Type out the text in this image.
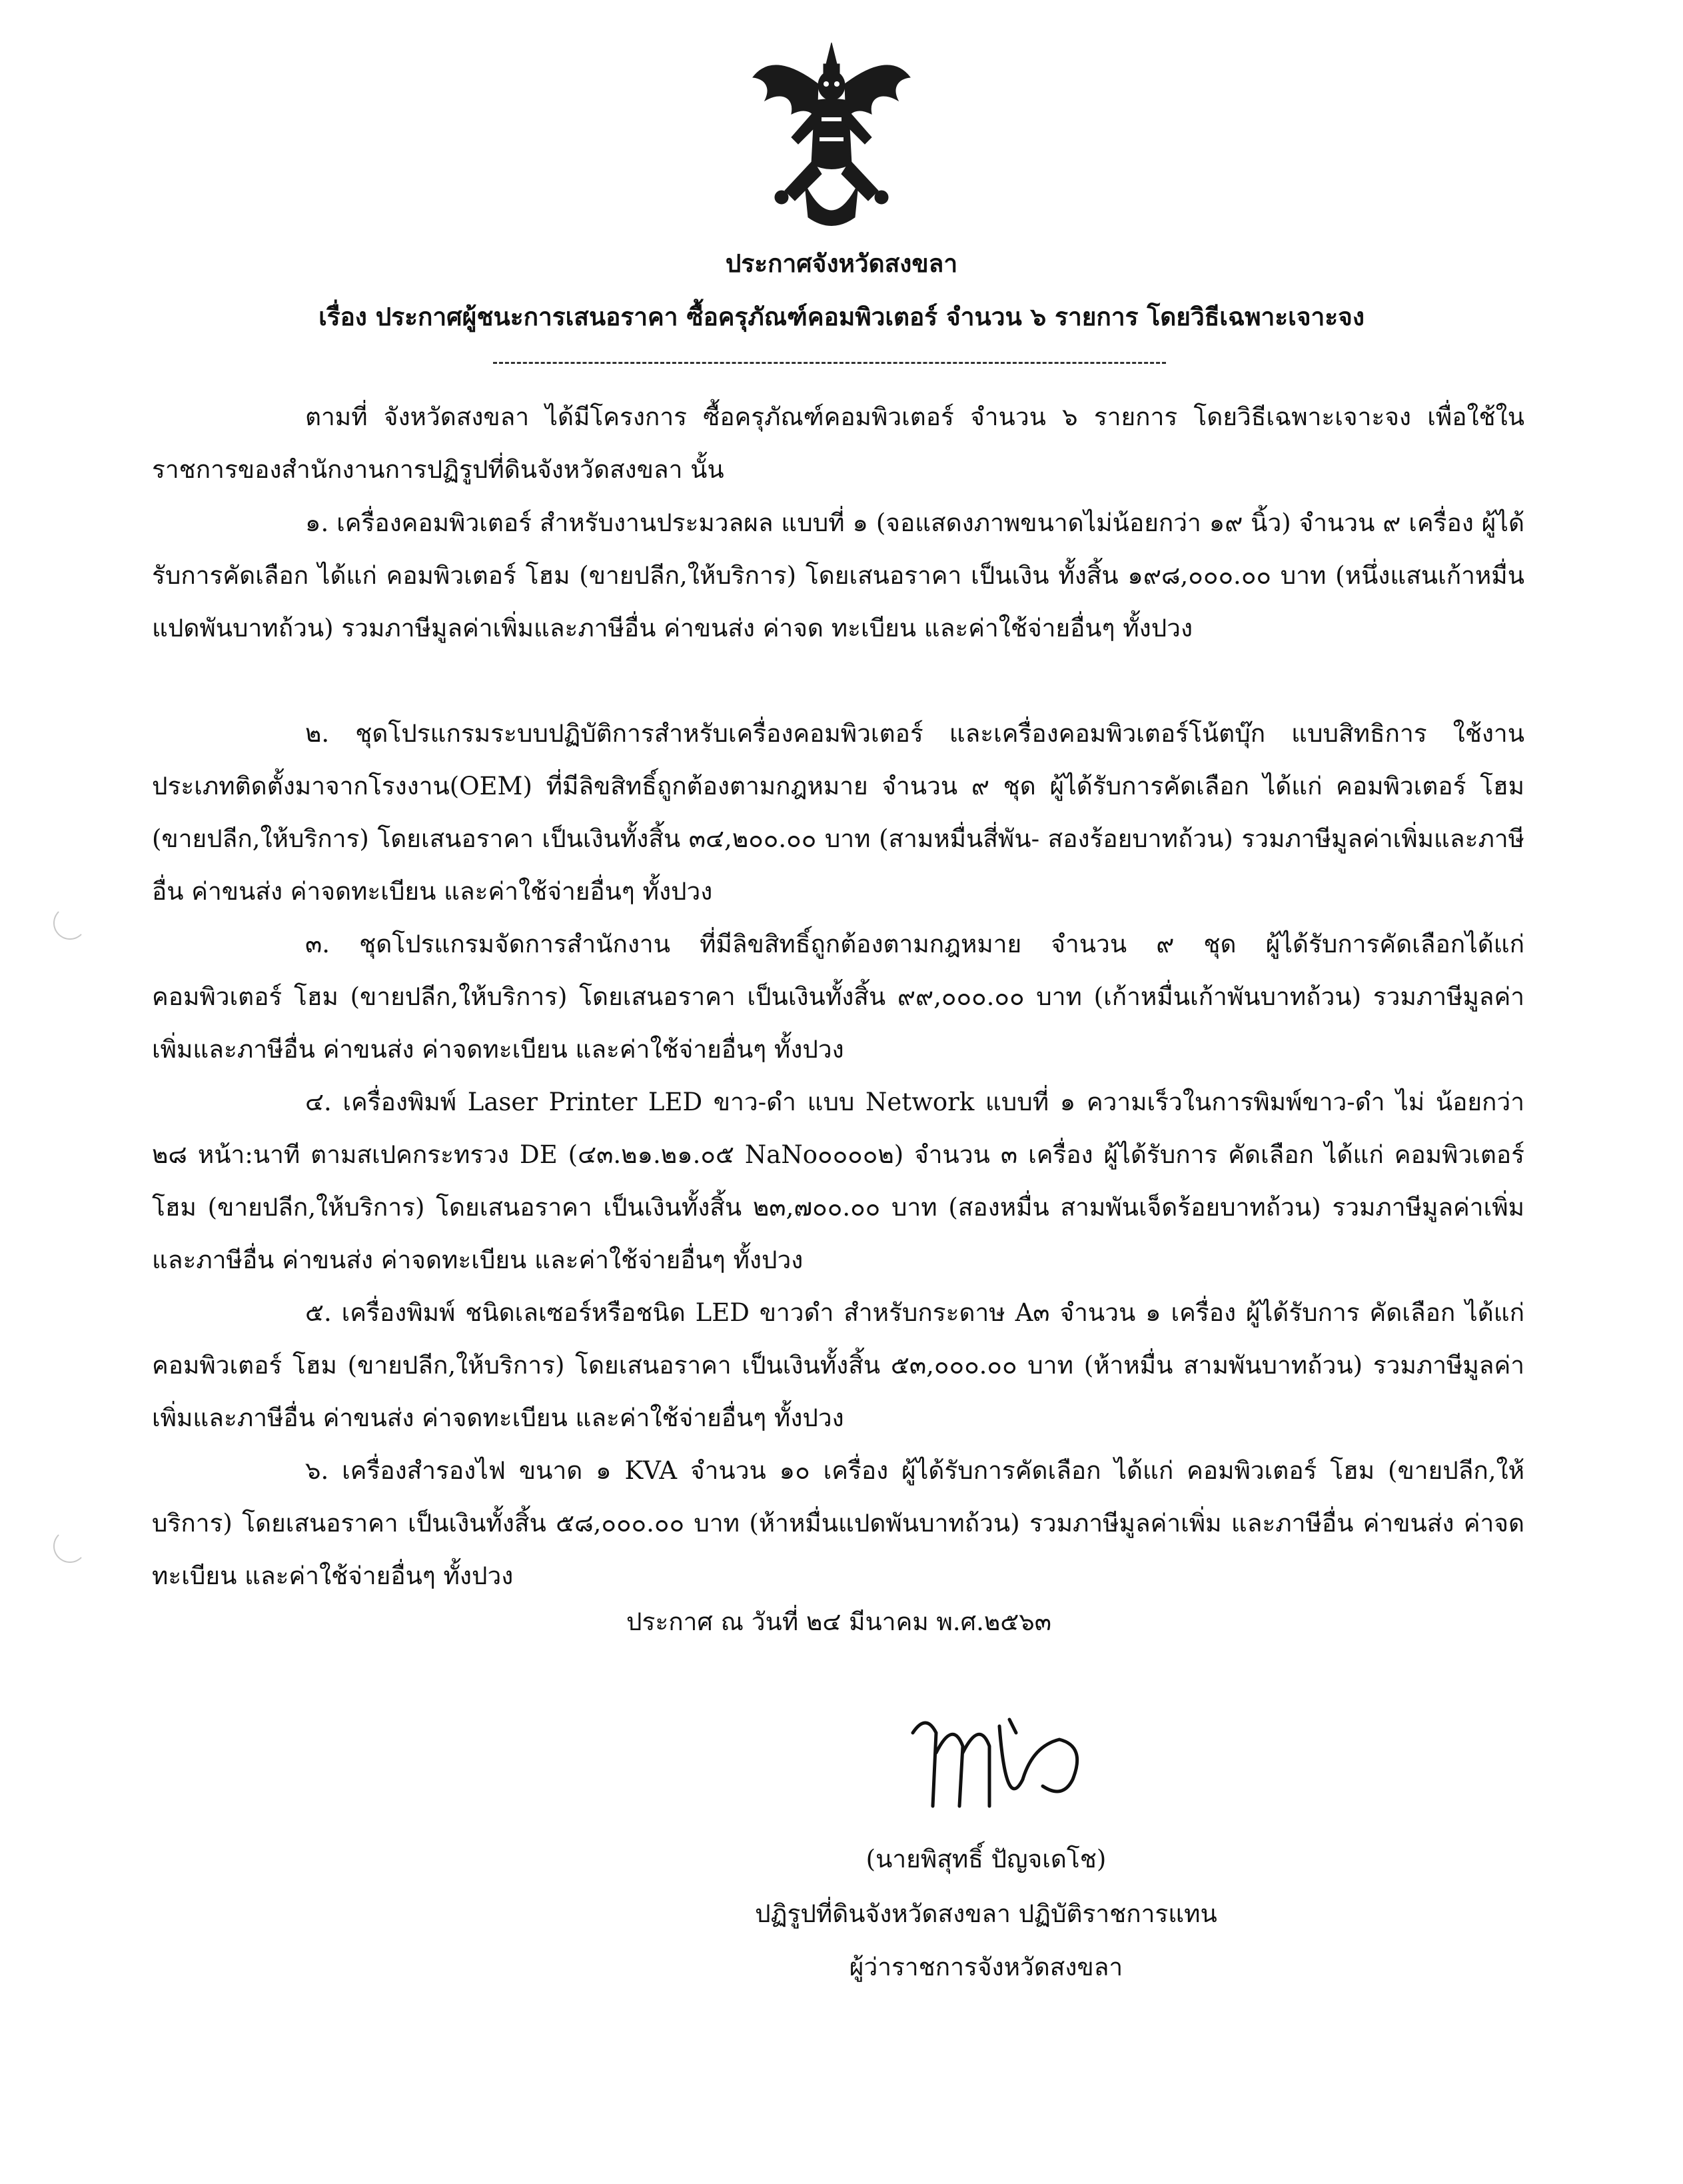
ประกาศจังหวัดสงขลา
เรื่อง ประกาศผู้ชนะการเสนอราคา ซื้อครุภัณฑ์คอมพิวเตอร์ จำนวน ๖ รายการ โดยวิธีเฉพาะเจาะจง

ตามที่ จังหวัดสงขลา ได้มีโครงการ ซื้อครุภัณฑ์คอมพิวเตอร์ จำนวน ๖ รายการ โดยวิธีเฉพาะเจาะจง เพื่อใช้ในราชการของสำนักงานการปฏิรูปที่ดินจังหวัดสงขลา นั้น

๑. เครื่องคอมพิวเตอร์ สำหรับงานประมวลผล แบบที่ ๑ (จอแสดงภาพขนาดไม่น้อยกว่า ๑๙ นิ้ว) จำนวน ๙ เครื่อง ผู้ได้รับการคัดเลือก ได้แก่ คอมพิวเตอร์ โฮม (ขายปลีก,ให้บริการ) โดยเสนอราคา เป็นเงิน ทั้งสิ้น ๑๙๘,๐๐๐.๐๐ บาท (หนึ่งแสนเก้าหมื่นแปดพันบาทถ้วน) รวมภาษีมูลค่าเพิ่มและภาษีอื่น ค่าขนส่ง ค่าจด ทะเบียน และค่าใช้จ่ายอื่นๆ ทั้งปวง

๒. ชุดโปรแกรมระบบปฏิบัติการสำหรับเครื่องคอมพิวเตอร์ และเครื่องคอมพิวเตอร์โน้ตบุ๊ก แบบสิทธิการ ใช้งานประเภทติดตั้งมาจากโรงงาน(OEM) ที่มีลิขสิทธิ์ถูกต้องตามกฎหมาย จำนวน ๙ ชุด ผู้ได้รับการคัดเลือก ได้แก่ คอมพิวเตอร์ โฮม (ขายปลีก,ให้บริการ) โดยเสนอราคา เป็นเงินทั้งสิ้น ๓๔,๒๐๐.๐๐ บาท (สามหมื่นสี่พัน- สองร้อยบาทถ้วน) รวมภาษีมูลค่าเพิ่มและภาษีอื่น ค่าขนส่ง ค่าจดทะเบียน และค่าใช้จ่ายอื่นๆ ทั้งปวง

๓. ชุดโปรแกรมจัดการสำนักงาน ที่มีลิขสิทธิ์ถูกต้องตามกฎหมาย จำนวน ๙ ชุด ผู้ได้รับการคัดเลือกได้แก่ คอมพิวเตอร์ โฮม (ขายปลีก,ให้บริการ) โดยเสนอราคา เป็นเงินทั้งสิ้น ๙๙,๐๐๐.๐๐ บาท (เก้าหมื่นเก้าพันบาทถ้วน) รวมภาษีมูลค่าเพิ่มและภาษีอื่น ค่าขนส่ง ค่าจดทะเบียน และค่าใช้จ่ายอื่นๆ ทั้งปวง

๔. เครื่องพิมพ์ Laser Printer LED ขาว-ดำ แบบ Network แบบที่ ๑ ความเร็วในการพิมพ์ขาว-ดำ ไม่ น้อยกว่า ๒๘ หน้า:นาที ตามสเปคกระทรวง DE (๔๓.๒๑.๒๑.๐๕ NaNo๐๐๐๐๒) จำนวน ๓ เครื่อง ผู้ได้รับการ คัดเลือก ได้แก่ คอมพิวเตอร์ โฮม (ขายปลีก,ให้บริการ) โดยเสนอราคา เป็นเงินทั้งสิ้น ๒๓,๗๐๐.๐๐ บาท (สองหมื่น สามพันเจ็ดร้อยบาทถ้วน) รวมภาษีมูลค่าเพิ่มและภาษีอื่น ค่าขนส่ง ค่าจดทะเบียน และค่าใช้จ่ายอื่นๆ ทั้งปวง

๕. เครื่องพิมพ์ ชนิดเลเซอร์หรือชนิด LED ขาวดำ สำหรับกระดาษ A๓ จำนวน ๑ เครื่อง ผู้ได้รับการ คัดเลือก ได้แก่ คอมพิวเตอร์ โฮม (ขายปลีก,ให้บริการ) โดยเสนอราคา เป็นเงินทั้งสิ้น ๕๓,๐๐๐.๐๐ บาท (ห้าหมื่น สามพันบาทถ้วน) รวมภาษีมูลค่าเพิ่มและภาษีอื่น ค่าขนส่ง ค่าจดทะเบียน และค่าใช้จ่ายอื่นๆ ทั้งปวง

๖. เครื่องสำรองไฟ ขนาด ๑ KVA จำนวน ๑๐ เครื่อง ผู้ได้รับการคัดเลือก ได้แก่ คอมพิวเตอร์ โฮม (ขายปลีก,ให้บริการ) โดยเสนอราคา เป็นเงินทั้งสิ้น ๕๘,๐๐๐.๐๐ บาท (ห้าหมื่นแปดพันบาทถ้วน) รวมภาษีมูลค่าเพิ่ม และภาษีอื่น ค่าขนส่ง ค่าจดทะเบียน และค่าใช้จ่ายอื่นๆ ทั้งปวง

ประกาศ ณ วันที่ ๒๔ มีนาคม พ.ศ.๒๕๖๓
(นายพิสุทธิ์ ปัญจเดโช)
ปฏิรูปที่ดินจังหวัดสงขลา ปฏิบัติราชการแทน
ผู้ว่าราชการจังหวัดสงขลา
